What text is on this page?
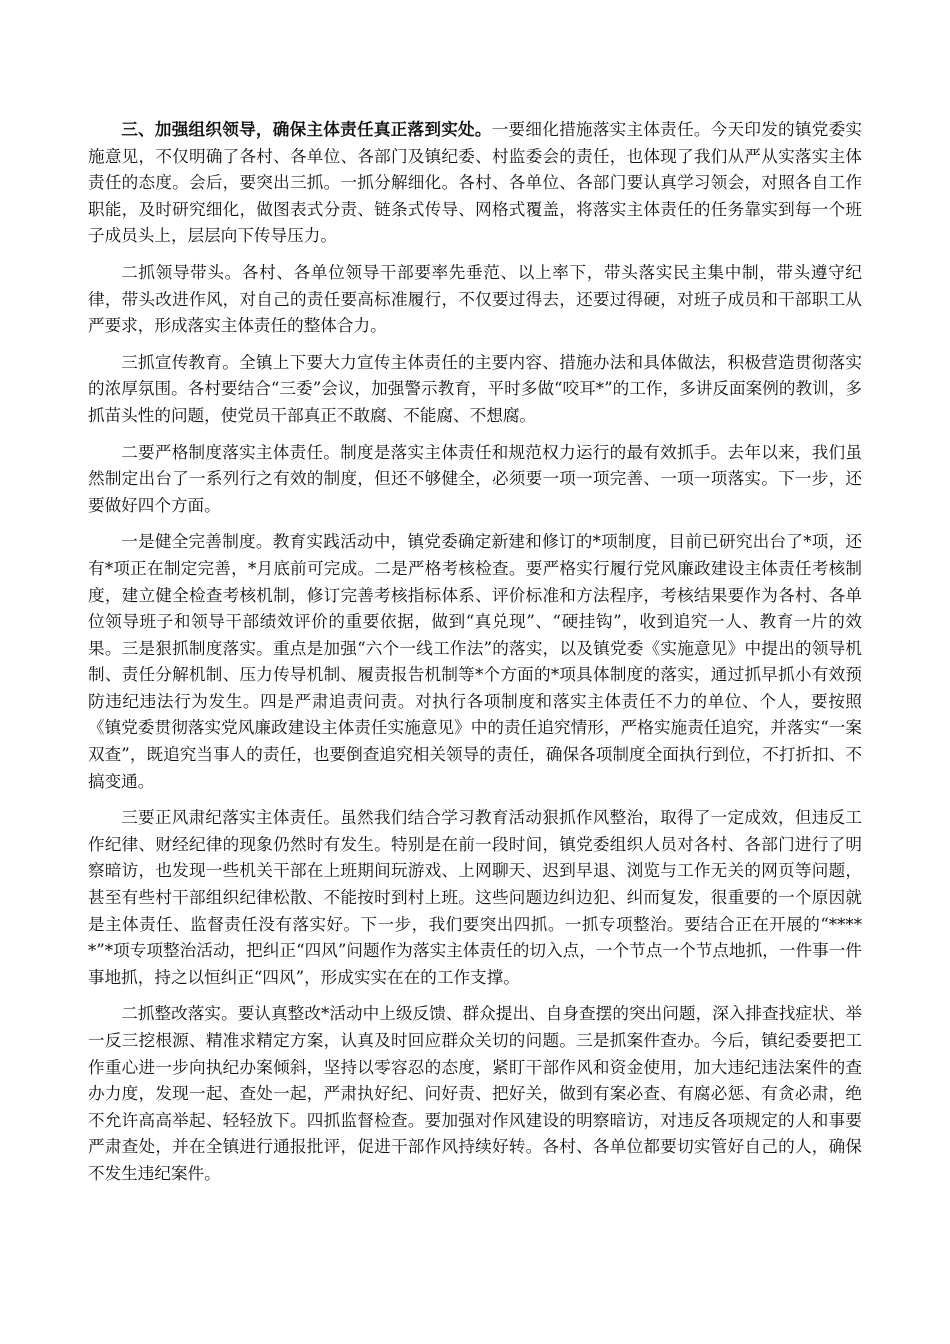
三、加强组织领导，确保主体责任真正落到实处。一要细化措施落实主体责任。今天印发的镇党委实施意见，不仅明确了各村、各单位、各部门及镇纪委、村监委会的责任，也体现了我们从严从实落实主体责任的态度。会后，要突出三抓。一抓分解细化。各村、各单位、各部门要认真学习领会，对照各自工作职能，及时研究细化，做图表式分责、链条式传导、网格式覆盖，将落实主体责任的任务靠实到每一个班子成员头上，层层向下传导压力。

二抓领导带头。各村、各单位领导干部要率先垂范、以上率下，带头落实民主集中制，带头遵守纪律，带头改进作风，对自己的责任要高标准履行，不仅要过得去，还要过得硬，对班子成员和干部职工从严要求，形成落实主体责任的整体合力。

三抓宣传教育。全镇上下要大力宣传主体责任的主要内容、措施办法和具体做法，积极营造贯彻落实的浓厚氛围。各村要结合“三委”会议，加强警示教育，平时多做“咬耳*”的工作，多讲反面案例的教训，多抓苗头性的问题，使党员干部真正不敢腐、不能腐、不想腐。

二要严格制度落实主体责任。制度是落实主体责任和规范权力运行的最有效抓手。去年以来，我们虽然制定出台了一系列行之有效的制度，但还不够健全，必须要一项一项完善、一项一项落实。下一步，还要做好四个方面。

一是健全完善制度。教育实践活动中，镇党委确定新建和修订的*项制度，目前已研究出台了*项，还有*项正在制定完善，*月底前可完成。二是严格考核检查。要严格实行履行党风廉政建设主体责任考核制度，建立健全检查考核机制，修订完善考核指标体系、评价标准和方法程序，考核结果要作为各村、各单位领导班子和领导干部绩效评价的重要依据，做到“真兑现”、“硬挂钩”，收到追究一人、教育一片的效果。三是狠抓制度落实。重点是加强“六个一线工作法”的落实，以及镇党委《实施意见》中提出的领导机制、责任分解机制、压力传导机制、履责报告机制等*个方面的*项具体制度的落实，通过抓早抓小有效预防违纪违法行为发生。四是严肃追责问责。对执行各项制度和落实主体责任不力的单位、个人，要按照《镇党委贯彻落实党风廉政建设主体责任实施意见》中的责任追究情形，严格实施责任追究，并落实“一案双查”，既追究当事人的责任，也要倒查追究相关领导的责任，确保各项制度全面执行到位，不打折扣、不搞变通。

三要正风肃纪落实主体责任。虽然我们结合学习教育活动狠抓作风整治，取得了一定成效，但违反工作纪律、财经纪律的现象仍然时有发生。特别是在前一段时间，镇党委组织人员对各村、各部门进行了明察暗访，也发现一些机关干部在上班期间玩游戏、上网聊天、迟到早退、浏览与工作无关的网页等问题，甚至有些村干部组织纪律松散、不能按时到村上班。这些问题边纠边犯、纠而复发，很重要的一个原因就是主体责任、监督责任没有落实好。下一步，我们要突出四抓。一抓专项整治。要结合正在开展的“*****”*项专项整治活动，把纠正“四风”问题作为落实主体责任的切入点，一个节点一个节点地抓，一件事一件事地抓，持之以恒纠正“四风”，形成实实在在的工作支撑。

二抓整改落实。要认真整改*活动中上级反馈、群众提出、自身查摆的突出问题，深入排查找症状、举一反三挖根源、精准求精定方案，认真及时回应群众关切的问题。三是抓案件查办。今后，镇纪委要把工作重心进一步向执纪办案倾斜，坚持以零容忍的态度，紧盯干部作风和资金使用，加大违纪违法案件的查办力度，发现一起、查处一起，严肃执好纪、问好责、把好关，做到有案必查、有腐必惩、有贪必肃，绝不允许高高举起、轻轻放下。四抓监督检查。要加强对作风建设的明察暗访，对违反各项规定的人和事要严肃查处，并在全镇进行通报批评，促进干部作风持续好转。各村、各单位都要切实管好自己的人，确保不发生违纪案件。
